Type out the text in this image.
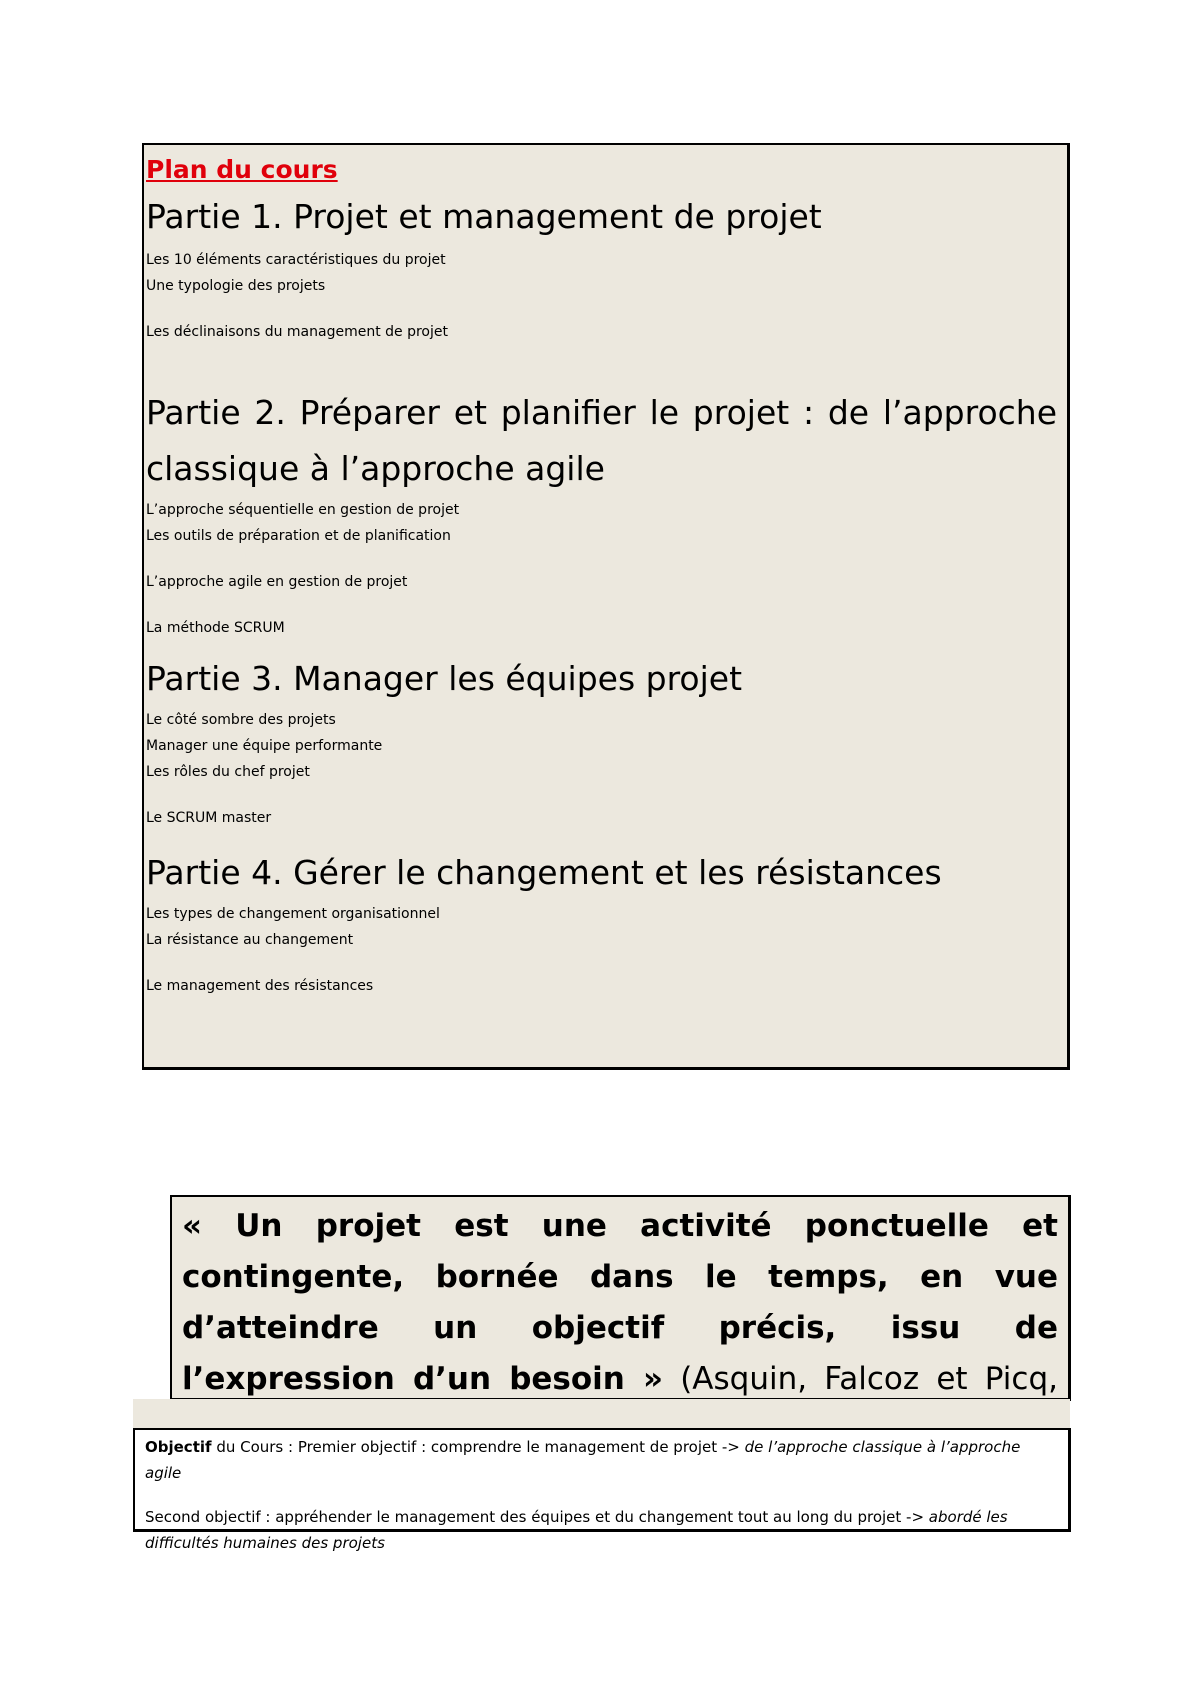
Plan du cours

Partie 1. Projet et management de projet

Les 10 éléments caractéristiques du projet

Une typologie des projets

Les déclinaisons du management de projet

Partie 2. Préparer et planifier le projet : de l’approche
classique à l’approche agile

L’approche séquentielle en gestion de projet

Les outils de préparation et de planification

L’approche agile en gestion de projet

La méthode SCRUM

Partie 3. Manager les équipes projet

Le côté sombre des projets

Manager une équipe performante

Les rôles du chef projet

Le SCRUM master

Partie 4. Gérer le changement et les résistances

Les types de changement organisationnel

La résistance au changement

Le management des résistances

« Un projet est une activité ponctuelle et contingente, bornée dans le temps, en vue d’atteindre un objectif précis, issu de l’expression d’un besoin » (Asquin, Falcoz et Picq,

Objectif du Cours : Premier objectif : comprendre le management de projet -> de l’approche classique à l’approche agile

Second objectif : appréhender le management des équipes et du changement tout au long du projet -> abordé les difficultés humaines des projets
